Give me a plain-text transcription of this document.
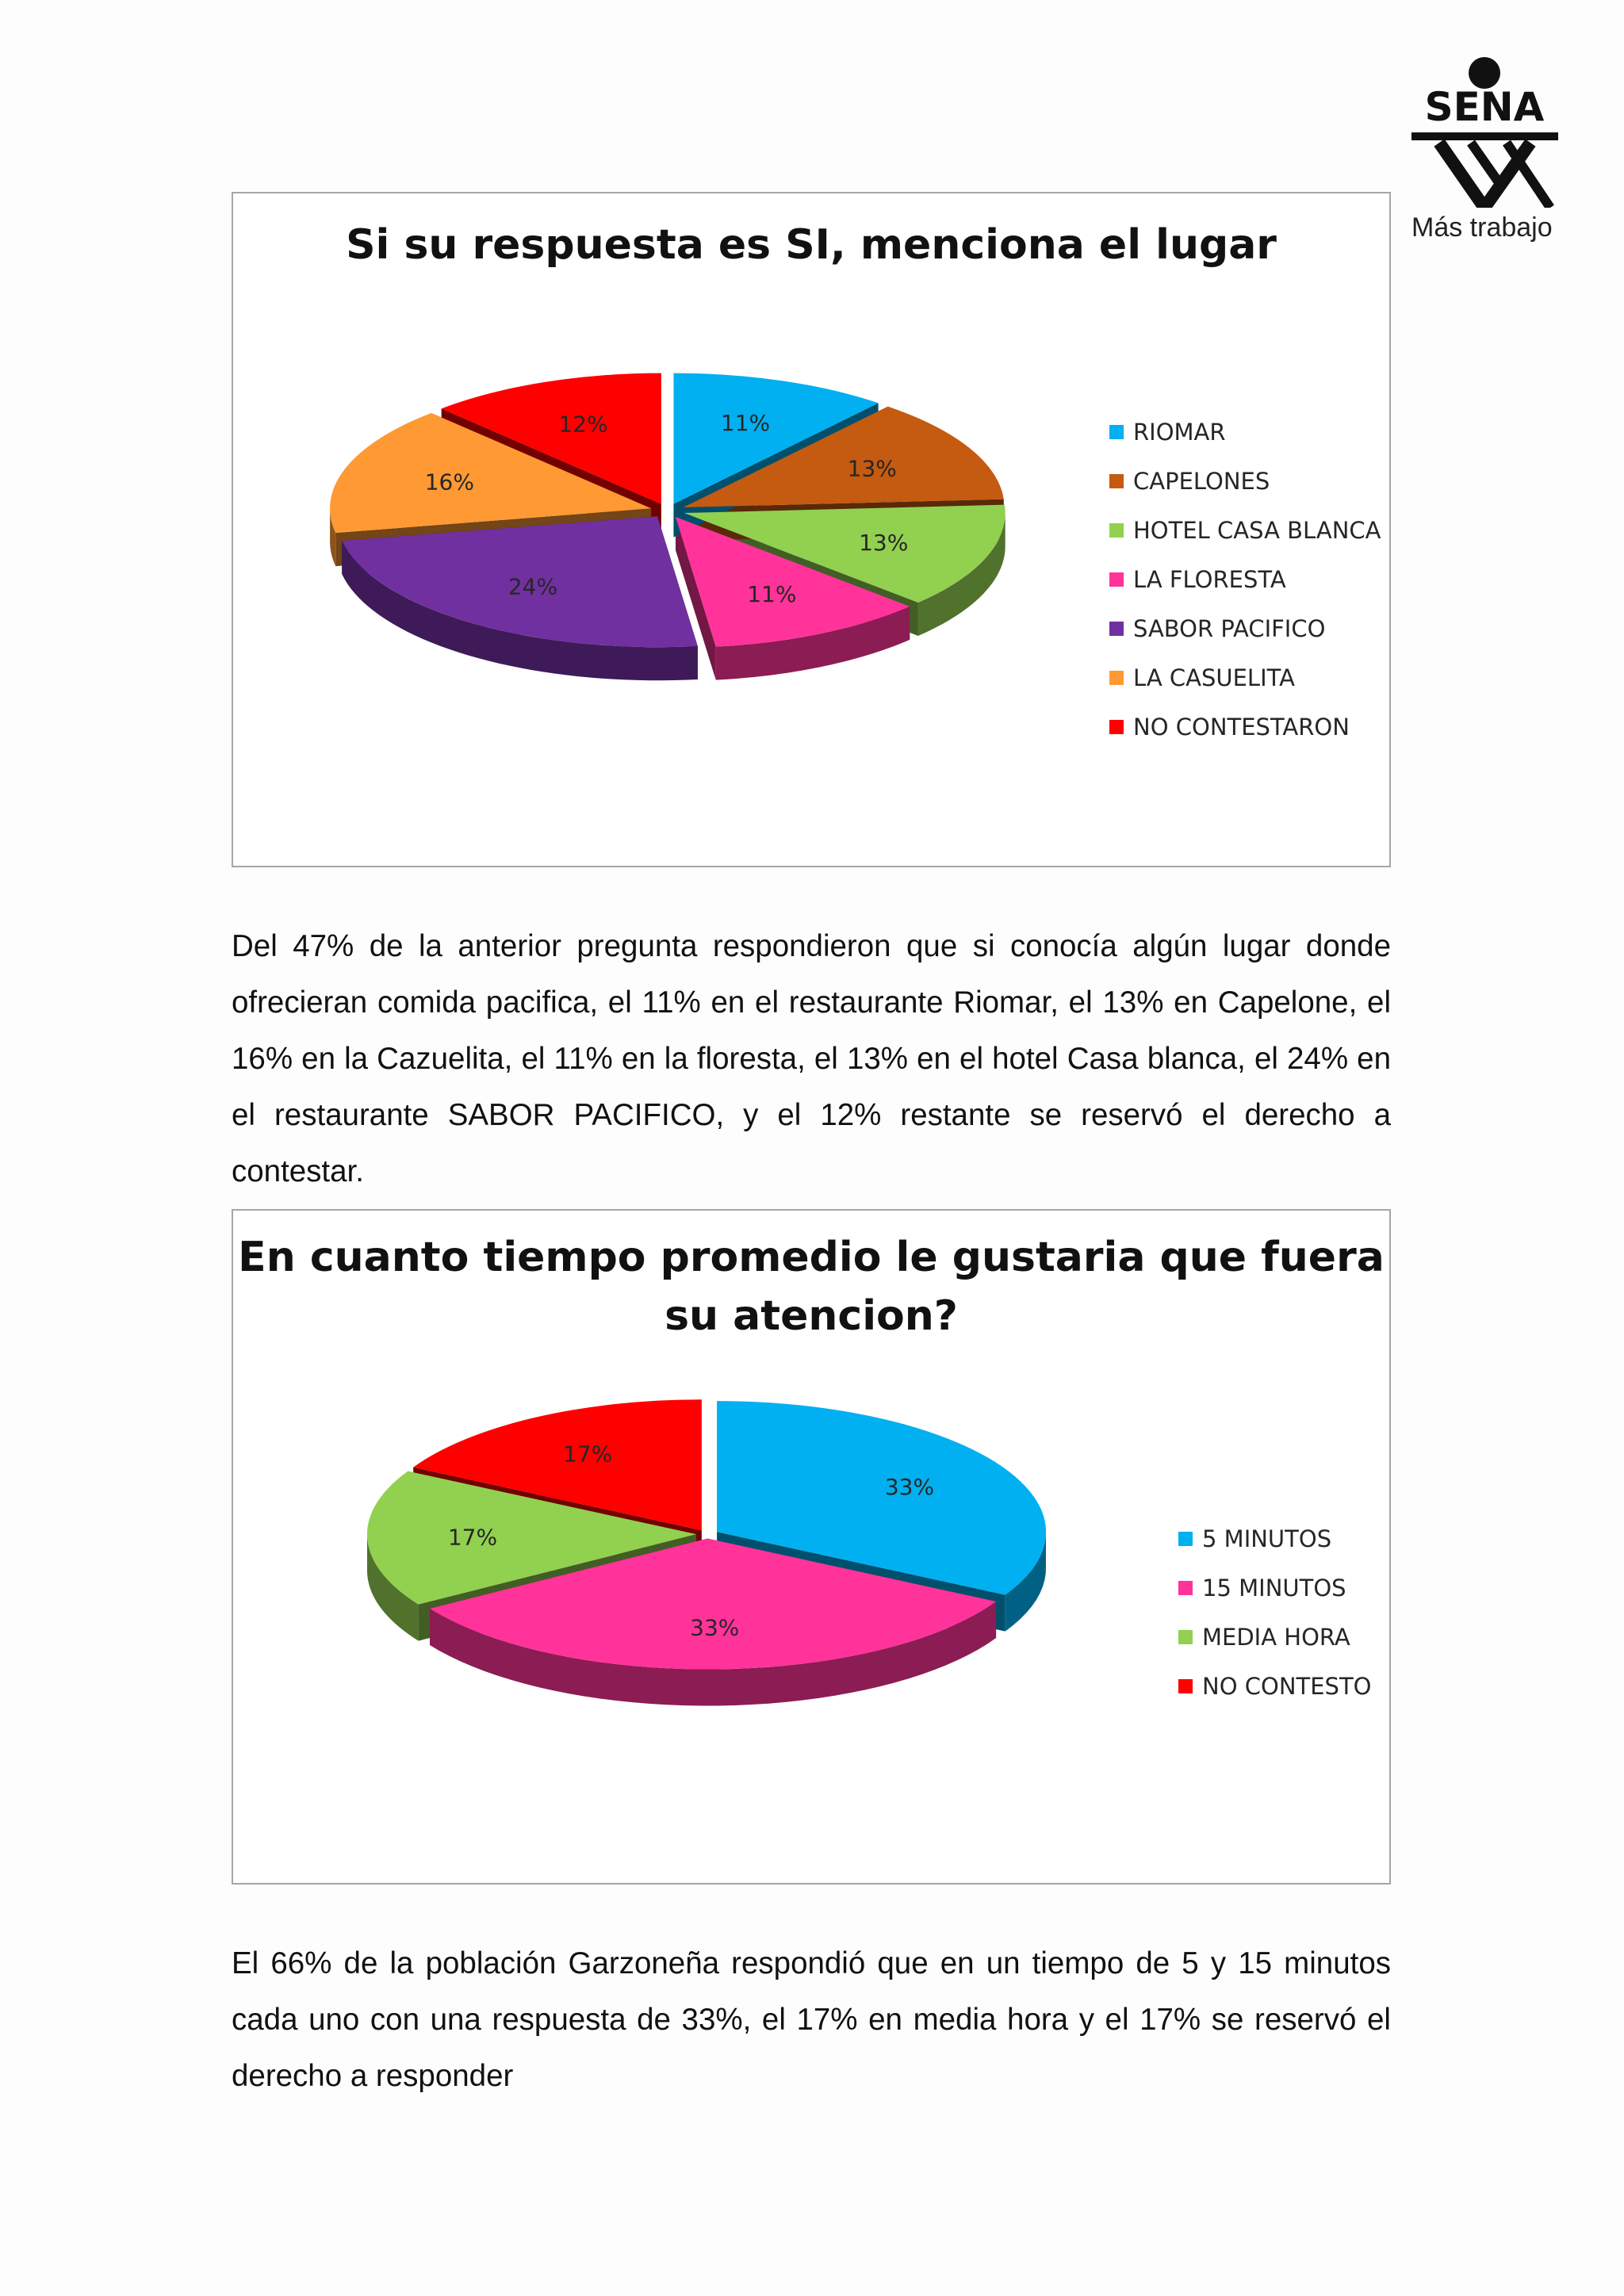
SENA
Más trabajo
Si su respuesta es SI, menciona el lugar
11%
13%
13%
11%
24%
16%
12%	RIOMAR
CAPELONES
HOTEL CASA BLANCA
LA FLORESTA
SABOR PACIFICO
LA CASUELITA
NO CONTESTARON

Del 47% de la anterior pregunta respondieron que si conocía algún lugar donde ofrecieran comida pacifica, el 11% en el restaurante Riomar, el 13% en Capelone, el 16% en la Cazuelita, el 11% en la floresta, el 13% en el hotel Casa blanca, el 24% en el restaurante SABOR PACIFICO, y el 12% restante se reservó el derecho a contestar.

En cuanto tiempo promedio le gustaria que fuera su atencion?
33%
33%
17%
17%
5 MINUTOS
15 MINUTOS
MEDIA HORA
NO CONTESTO

El 66% de la población Garzoneña respondió que en un tiempo de 5 y 15 minutos cada uno con una respuesta de 33%, el 17% en media hora y el 17% se reservó el derecho a responder
